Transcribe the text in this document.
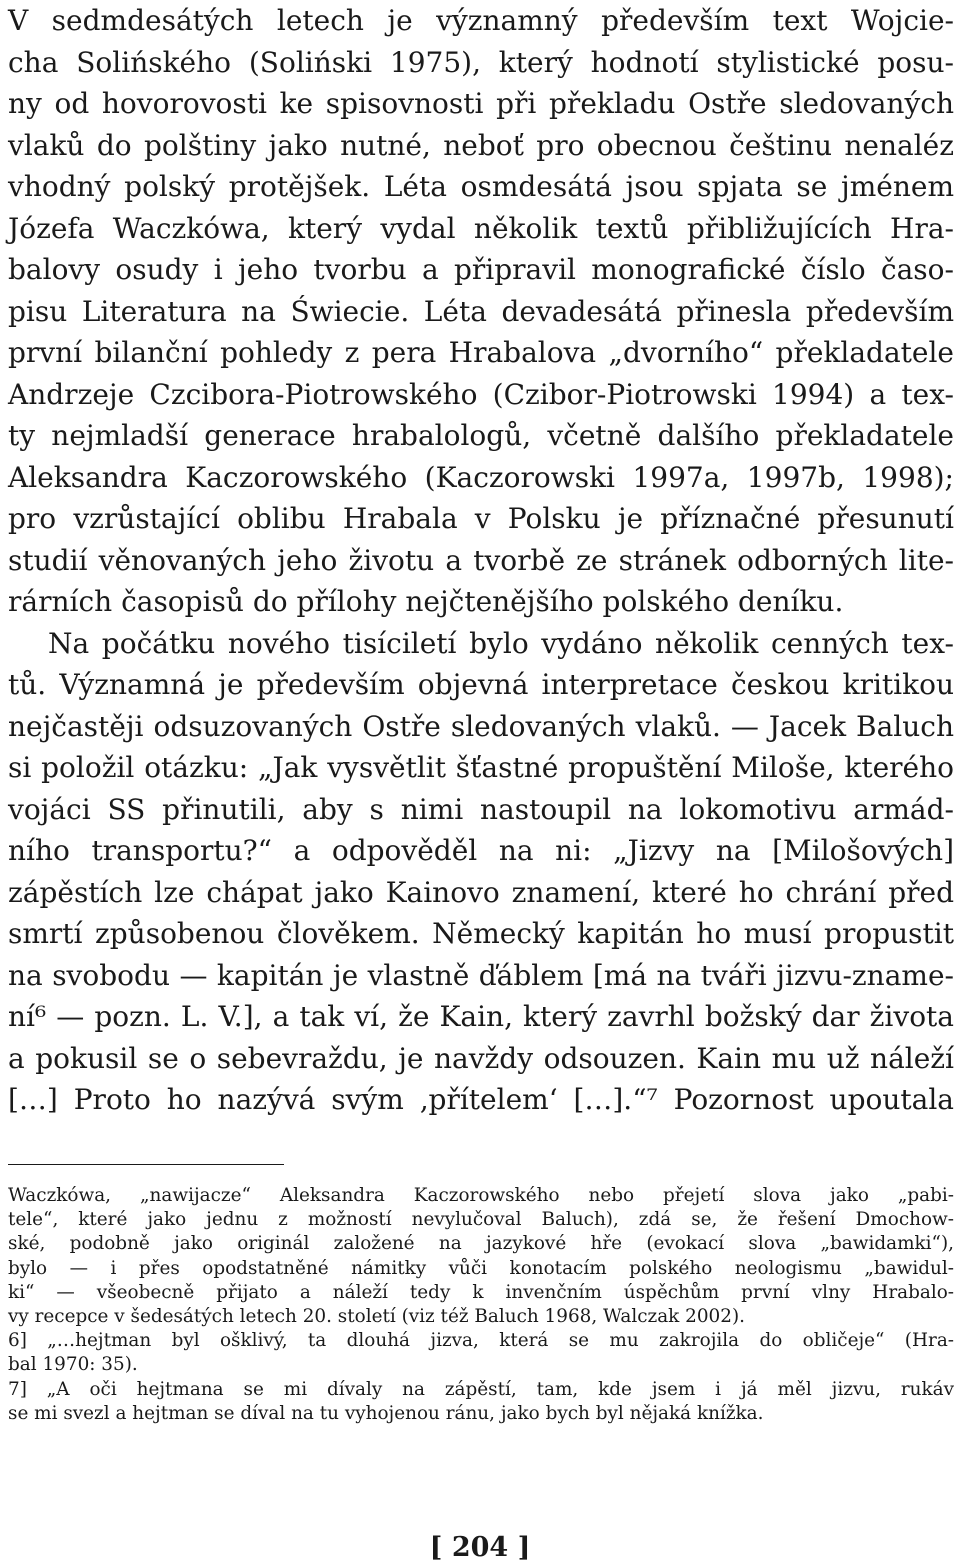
V sedmdesátých letech je významný především text Wojcie-
cha Solińského (Soliński 1975), který hodnotí stylistické posu-
ny od hovorovosti ke spisovnosti při překladu Ostře sledovaných
vlaků do polštiny jako nutné, neboť pro obecnou češtinu nenaléz
vhodný polský protějšek. Léta osmdesátá jsou spjata se jménem
Józefa Waczkówa, který vydal několik textů přibližujících Hra-
balovy osudy i jeho tvorbu a připravil monografické číslo časo-
pisu Literatura na Świecie. Léta devadesátá přinesla především
první bilanční pohledy z pera Hrabalova „dvorního“ překladatele
Andrzeje Czcibora-Piotrowského (Czibor-Piotrowski 1994) a tex-
ty nejmladší generace hrabalologů, včetně dalšího překladatele
Aleksandra Kaczorowského (Kaczorowski 1997a, 1997b, 1998);
pro vzrůstající oblibu Hrabala v Polsku je příznačné přesunutí
studií věnovaných jeho životu a tvorbě ze stránek odborných lite-
rárních časopisů do přílohy nejčtenějšího polského deníku.
Na počátku nového tisíciletí bylo vydáno několik cenných tex-
tů. Významná je především objevná interpretace českou kritikou
nejčastěji odsuzovaných Ostře sledovaných vlaků. — Jacek Baluch
si položil otázku: „Jak vysvětlit šťastné propuštění Miloše, kterého
vojáci SS přinutili, aby s nimi nastoupil na lokomotivu armád-
ního transportu?“ a odpověděl na ni: „Jizvy na [Milošových]
zápěstích lze chápat jako Kainovo znamení, které ho chrání před
smrtí způsobenou člověkem. Německý kapitán ho musí propustit
na svobodu — kapitán je vlastně ďáblem [má na tváři jizvu-zname-
ní⁶ — pozn. L. V.], a tak ví, že Kain, který zavrhl božský dar života
a pokusil se o sebevraždu, je navždy odsouzen. Kain mu už náleží
[…] Proto ho nazývá svým ‚přítelem‘ […].“⁷ Pozornost upoutala
Waczkówa, „nawijacze“ Aleksandra Kaczorowského nebo přejetí slova jako „pabi-
tele“, které jako jednu z možností nevylučoval Baluch), zdá se, že řešení Dmochow-
ské, podobně jako originál založené na jazykové hře (evokací slova „bawidamki“),
bylo — i přes opodstatněné námitky vůči konotacím polského neologismu „bawidul-
ki“ — všeobecně přijato a náleží tedy k invenčním úspěchům první vlny Hrabalo-
vy recepce v šedesátých letech 20. století (viz též Baluch 1968, Walczak 2002).
6] „…hejtman byl ošklivý, ta dlouhá jizva, která se mu zakrojila do obličeje“ (Hra-
bal 1970: 35).
7] „A oči hejtmana se mi dívaly na zápěstí, tam, kde jsem i já měl jizvu, rukáv
se mi svezl a hejtman se díval na tu vyhojenou ránu, jako bych byl nějaká knížka.
[ 204 ]
